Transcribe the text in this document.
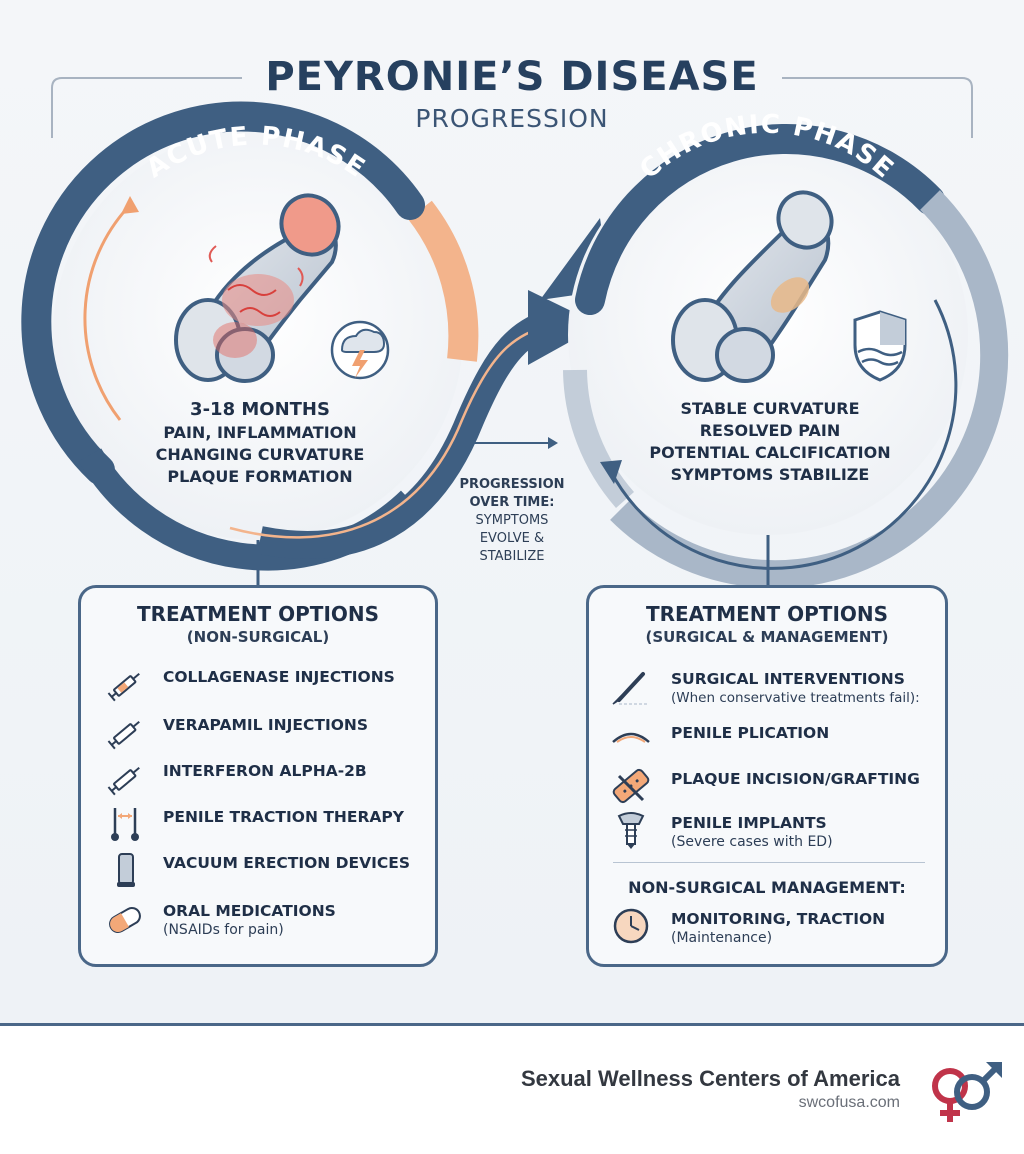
ACUTE PHASE	CHRONIC PHASE
PEYRONIE’S DISEASE
PROGRESSION
3-18 MONTHS
PAIN, INFLAMMATION
CHANGING CURVATURE
PLAQUE FORMATION
STABLE CURVATURE
RESOLVED PAIN
POTENTIAL CALCIFICATION
SYMPTOMS STABILIZE
PROGRESSION
OVER TIME:
SYMPTOMS
EVOLVE &
STABILIZE
TREATMENT OPTIONS
(NON-SURGICAL)
COLLAGENASE INJECTIONS
VERAPAMIL INJECTIONS
INTERFERON ALPHA-2B
PENILE TRACTION THERAPY
VACUUM ERECTION DEVICES
ORAL MEDICATIONS
(NSAIDs for pain)
TREATMENT OPTIONS
(SURGICAL & MANAGEMENT)
SURGICAL INTERVENTIONS
(When conservative treatments fail):
PENILE PLICATION
PLAQUE INCISION/GRAFTING
PENILE IMPLANTS
(Severe cases with ED)
NON-SURGICAL MANAGEMENT:
MONITORING, TRACTION
(Maintenance)
Sexual Wellness Centers of America
swcofusa.com
